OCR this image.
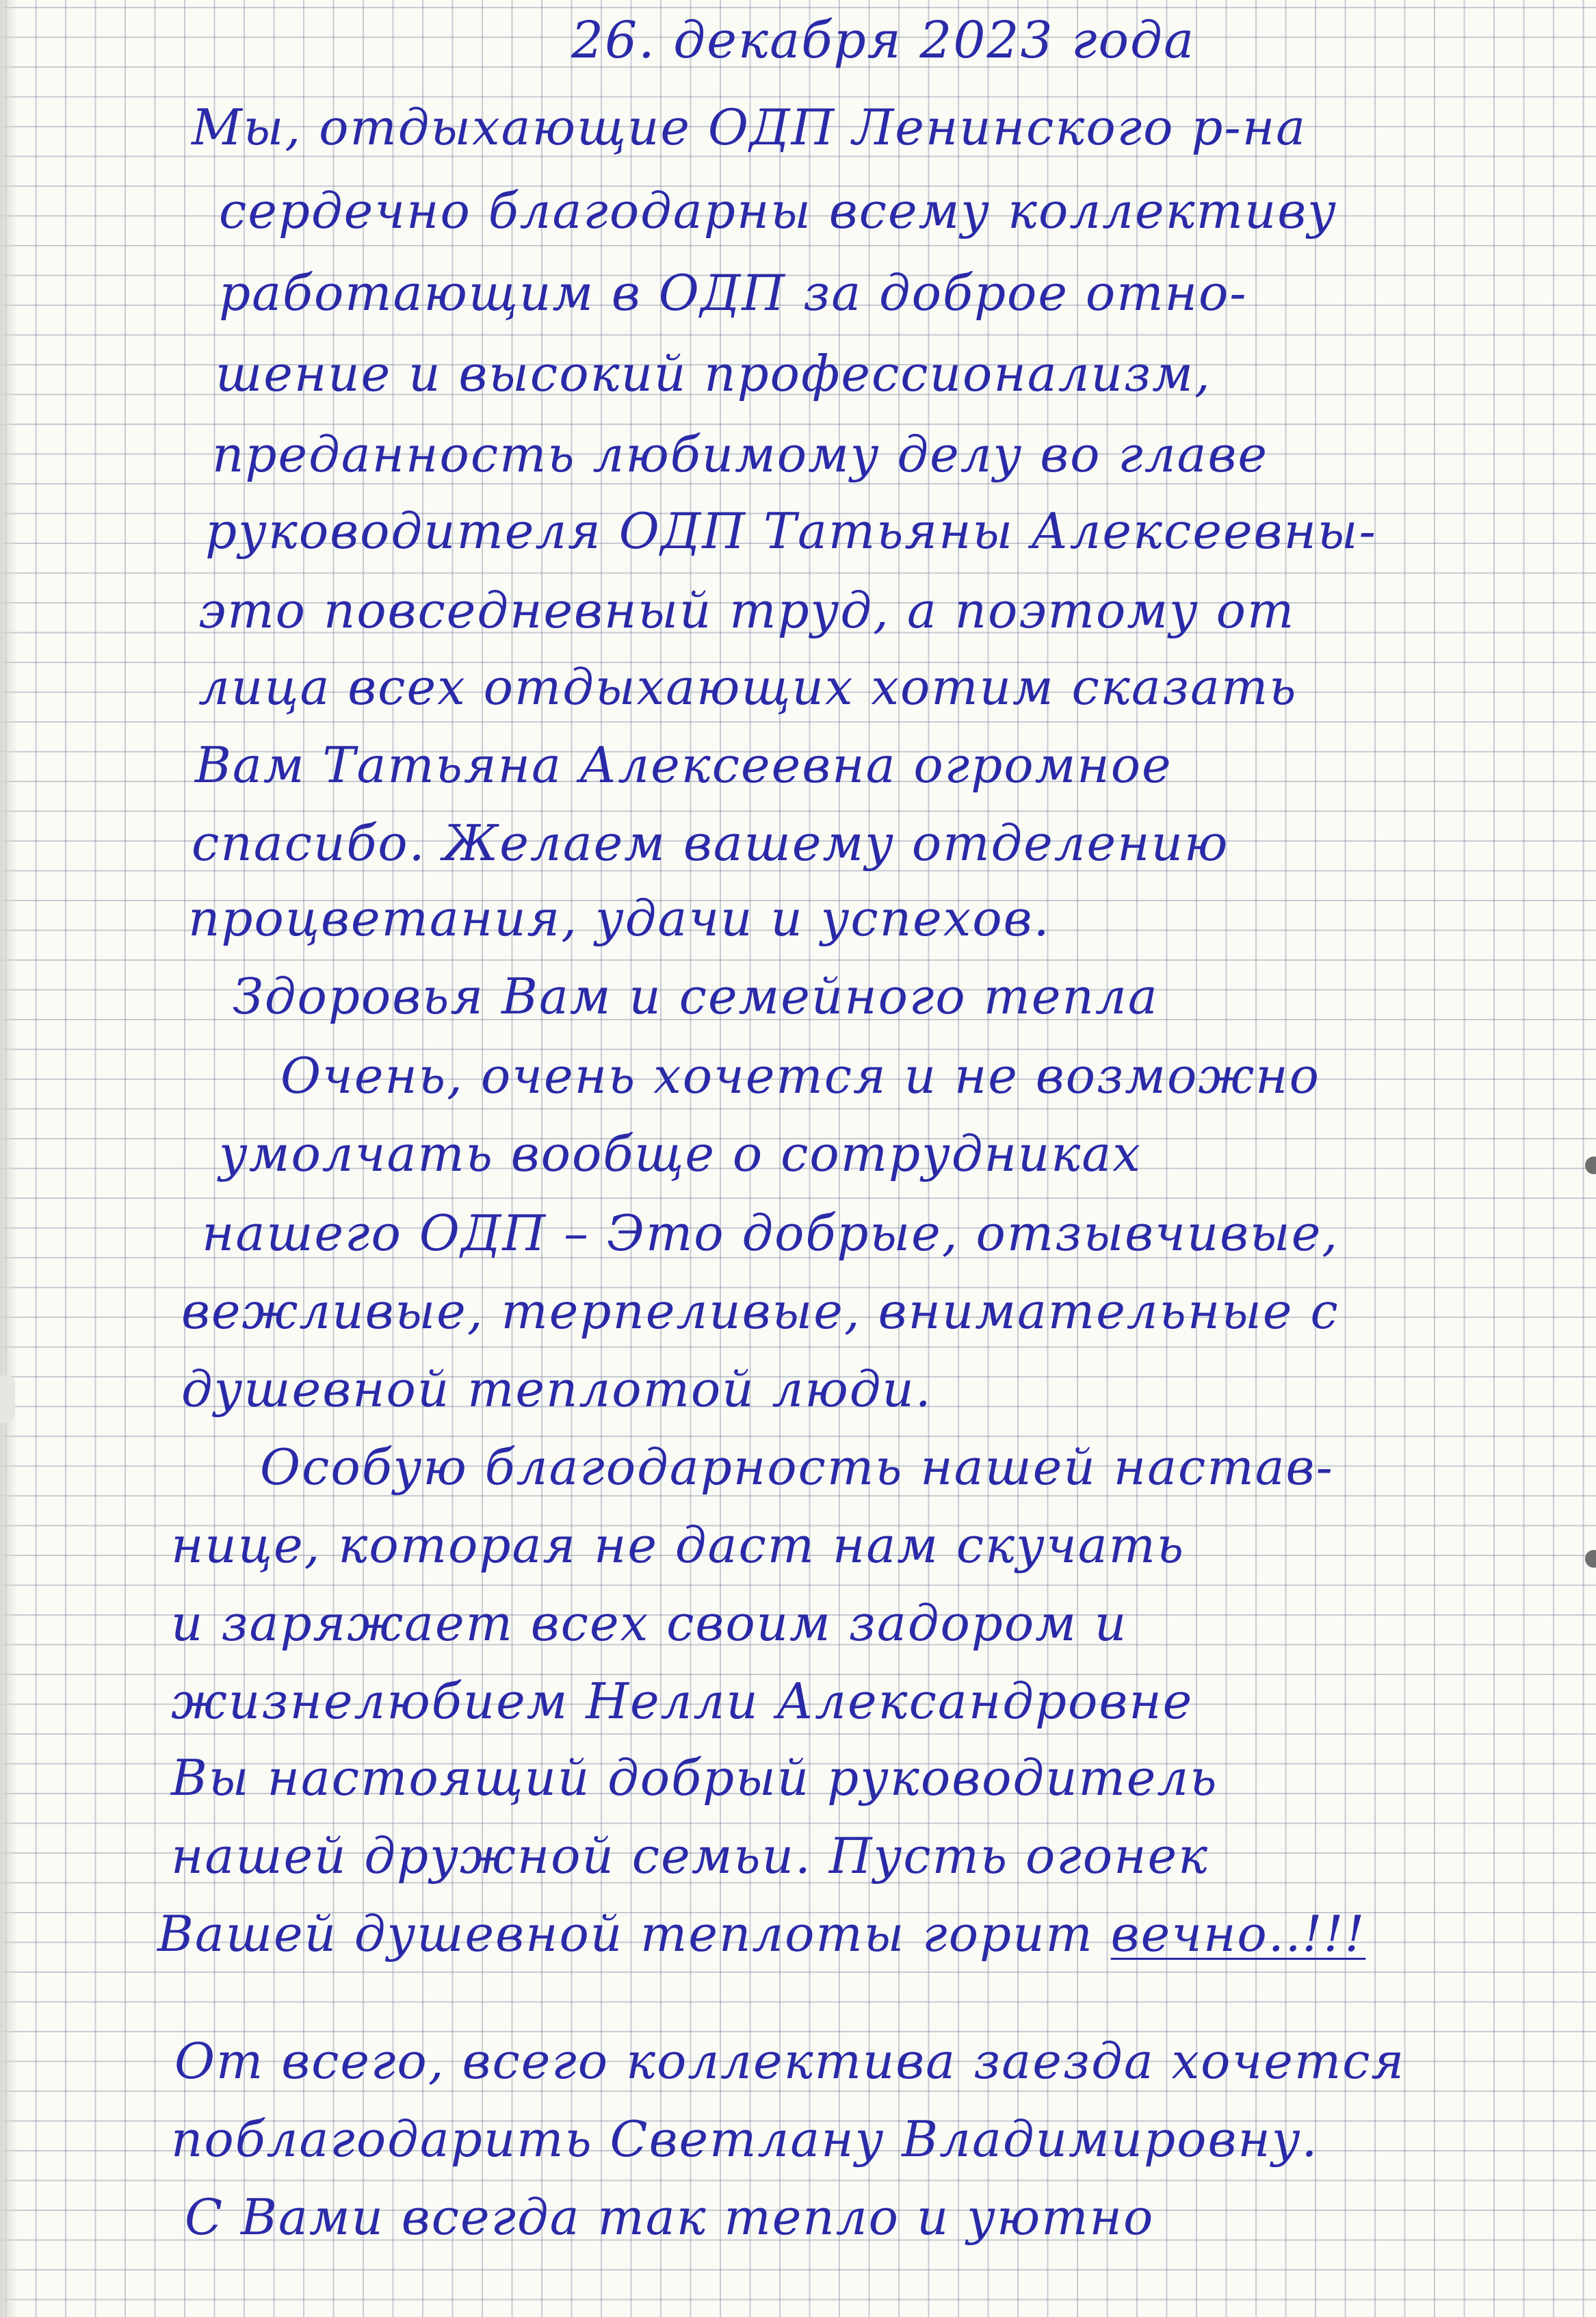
26. декабря 2023 года
Мы, отдыхающие ОДП Ленинского р-на
сердечно благодарны всему коллективу
работающим в ОДП за доброе отно-
шение и высокий профессионализм,
преданность любимому делу во главе
руководителя ОДП Татьяны Алексеевны-
это повседневный труд, а поэтому от
лица всех отдыхающих хотим сказать
Вам Татьяна Алексеевна огромное
спасибо. Желаем вашему отделению
процветания, удачи и успехов.
Здоровья Вам и семейного тепла
Очень, очень хочется и не возможно
умолчать вообще о сотрудниках
нашего ОДП – Это добрые, отзывчивые,
вежливые, терпеливые, внимательные с
душевной теплотой люди.
Особую благодарность нашей настав-
нице, которая не даст нам скучать
и заряжает всех своим задором и
жизнелюбием Нелли Александровне
Вы настоящий добрый руководитель
нашей дружной семьи. Пусть огонек
Вашей душевной теплоты горит вечно..!!!
От всего, всего коллектива заезда хочется
поблагодарить Светлану Владимировну.
С Вами всегда так тепло и уютно
